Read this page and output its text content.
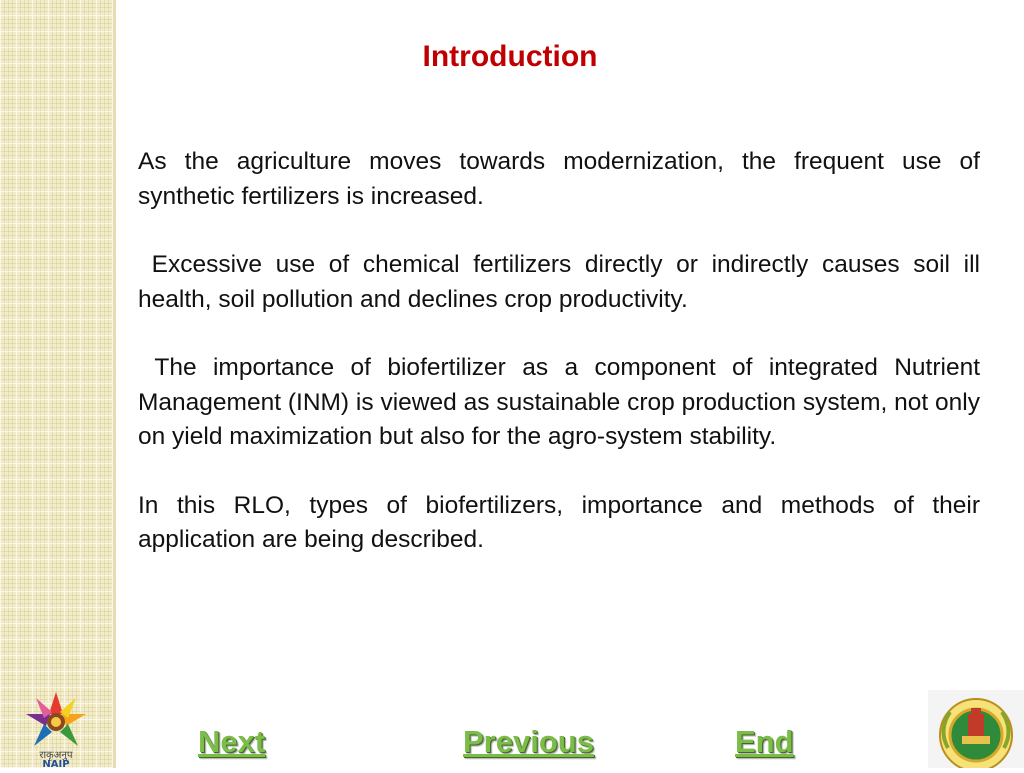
Introduction

As the agriculture moves towards modernization, the frequent use of synthetic fertilizers is increased.

Excessive use of chemical fertilizers directly or indirectly causes soil ill health, soil pollution and declines crop productivity.

The importance of biofertilizer as a component of integrated Nutrient Management (INM) is viewed as sustainable crop production system, not only on yield maximization but also for the agro-system stability.

In this RLO, types of biofertilizers, importance and methods of their application are being described.

राकृअनुप
NAIP
Next	Previous	End
